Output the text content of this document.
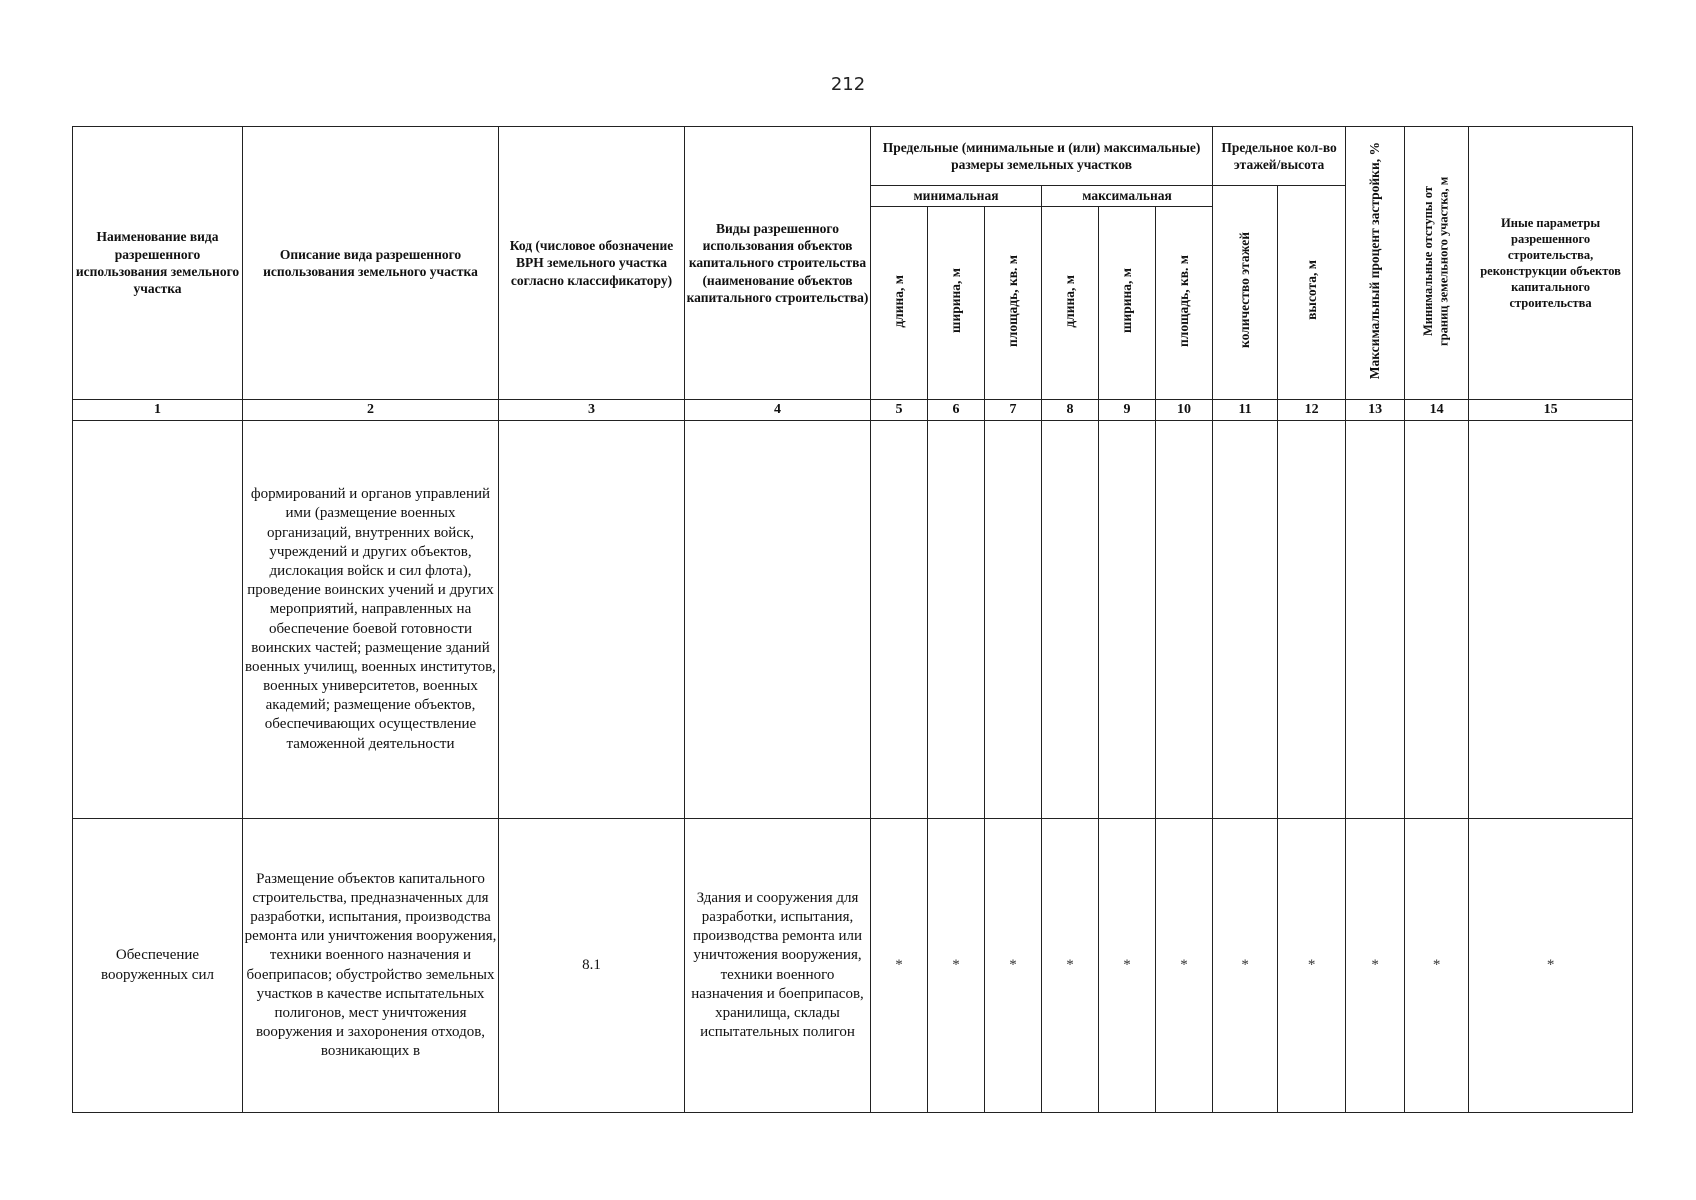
212
Наименование вида разрешенного использования земельного участка	Описание вида разрешенного использования земельного участка	Код (числовое обозначение ВРН земельного участка согласно классификатору)	Виды разрешенного использования объектов капитального строительства (наименование объектов капитального строительства)	Предельные (минимальные и (или) максимальные) размеры земельных участков						Предельное кол-во этажей/высота		Максимальный процент застройки, %	Минимальные отступы от границ земельного участка, м	Иные параметры разрешенного строительства, реконструкции объектов капитального строительства
				минимальная			максимальная			количество этажей	высота, м			
				длина, м	ширина, м	площадь, кв. м	длина, м	ширина, м	площадь, кв. м					
1	2	3	4	5	6	7	8	9	10	11	12	13	14	15
	формирований и органов управлений ими (размещение военных организаций, внутренних войск, учреждений и других объектов, дислокация войск и сил флота), проведение воинских учений и других мероприятий, направленных на обеспечение боевой готовности воинских частей; размещение зданий военных училищ, военных институтов, военных университетов, военных академий; размещение объектов, обеспечивающих осуществление таможенной деятельности													
Обеспечение вооруженных сил	Размещение объектов капитального строительства, предназначенных для разработки, испытания, производства ремонта или уничтожения вооружения, техники военного назначения и боеприпасов; обустройство земельных участков в качестве испытательных полигонов, мест уничтожения вооружения и захоронения отходов, возникающих в	8.1	Здания и сооружения для разработки, испытания, производства ремонта или уничтожения вооружения, техники военного назначения и боеприпасов, хранилища, склады испытательных полигон	*	*	*	*	*	*	*	*	*	*	*
